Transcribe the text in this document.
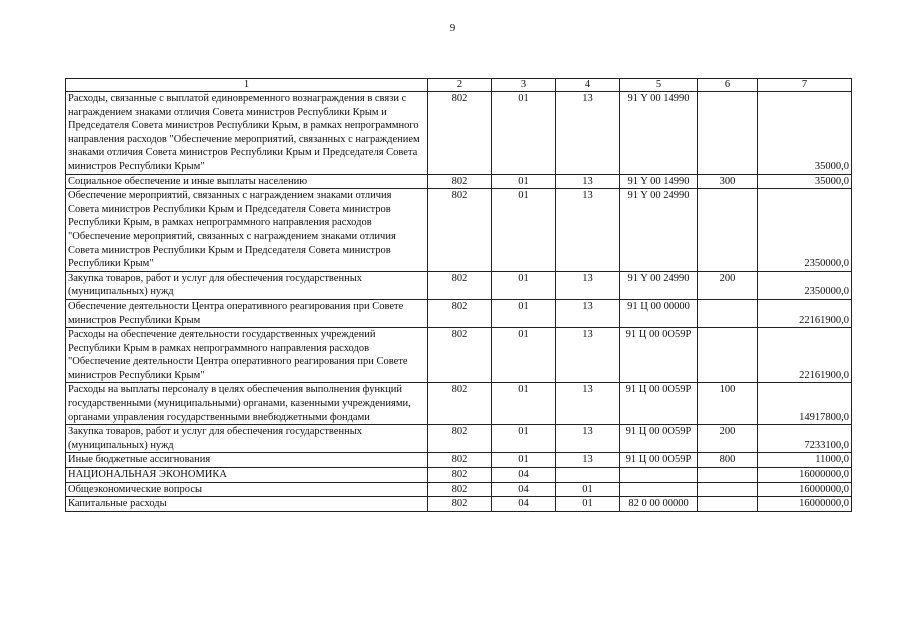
9
1	2	3	4	5	6	7
Расходы, связанные с выплатой единовременного вознаграждения в связи с награждением знаками отличия Совета министров Республики Крым и Председателя Совета министров Республики Крым, в рамках непрограммного направления расходов "Обеспечение мероприятий, связанных с награждением знаками отличия Совета министров Республики Крым и Председателя Совета министров Республики Крым"	802	01	13	91 Y 00 14990		35000,0
Социальное обеспечение и иные выплаты населению	802	01	13	91 Y 00 14990	300	35000,0
Обеспечение мероприятий, связанных с награждением знаками отличия Совета министров Республики Крым и Председателя Совета министров Республики Крым, в рамках непрограммного направления расходов "Обеспечение мероприятий, связанных с награждением знаками отличия Совета министров Республики Крым и Председателя Совета министров Республики Крым"	802	01	13	91 Y 00 24990		2350000,0
Закупка товаров, работ и услуг для обеспечения государственных (муниципальных) нужд	802	01	13	91 Y 00 24990	200	2350000,0
Обеспечение деятельности Центра оперативного реагирования при Совете министров Республики Крым	802	01	13	91 Ц 00 00000		22161900,0
Расходы на обеспечение деятельности государственных учреждений Республики Крым в рамках непрограммного направления расходов "Обеспечение деятельности Центра оперативного реагирования при Совете министров Республики Крым"	802	01	13	91 Ц 00 0О59Р		22161900,0
Расходы на выплаты персоналу в целях обеспечения выполнения функций государственными (муниципальными) органами, казенными учреждениями, органами управления государственными внебюджетными фондами	802	01	13	91 Ц 00 0О59Р	100	14917800,0
Закупка товаров, работ и услуг для обеспечения государственных (муниципальных) нужд	802	01	13	91 Ц 00 0О59Р	200	7233100,0
Иные бюджетные ассигнования	802	01	13	91 Ц 00 0О59Р	800	11000,0
НАЦИОНАЛЬНАЯ ЭКОНОМИКА	802	04				16000000,0
Общеэкономические вопросы	802	04	01			16000000,0
Капитальные расходы	802	04	01	82 0 00 00000		16000000,0
